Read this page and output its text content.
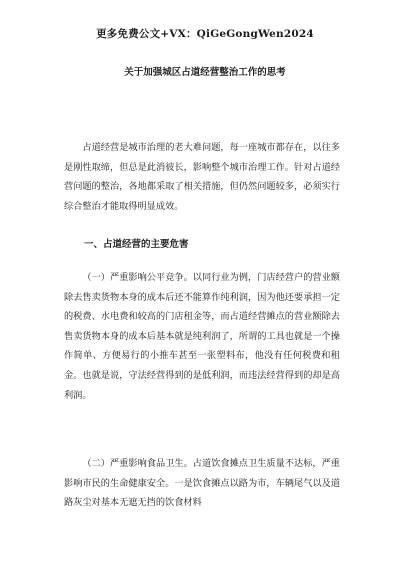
更多免费公文+VX：QiGeGongWen2024
关于加强城区占道经营整治工作的思考

占道经营是城市治理的老大难问题，每一座城市都存在，以往多是刚性取缔，但总是此消彼长，影响整个城市治理工作。针对占道经营问题的整治，各地都采取了相关措施，但仍然问题较多，必须实行综合整治才能取得明显成效。

一、占道经营的主要危害

（一）严重影响公平竞争。以同行业为例，门店经营户的营业额除去售卖货物本身的成本后还不能算作纯利润，因为他还要承担一定的税费、水电费和较高的门店租金等，而占道经营摊点的营业额除去售卖货物本身的成本后基本就是纯利润了，所谓的工具也就是一个操作简单、方便易行的小推车甚至一张塑料布，他没有任何税费和租金。也就是说，守法经营得到的是低利润，而违法经营得到的却是高利润。

（二）严重影响食品卫生。占道饮食摊点卫生质量不达标，严重影响市民的生命健康安全。一是饮食摊点以路为市，车辆尾气以及道路灰尘对基本无遮无挡的饮食材料
